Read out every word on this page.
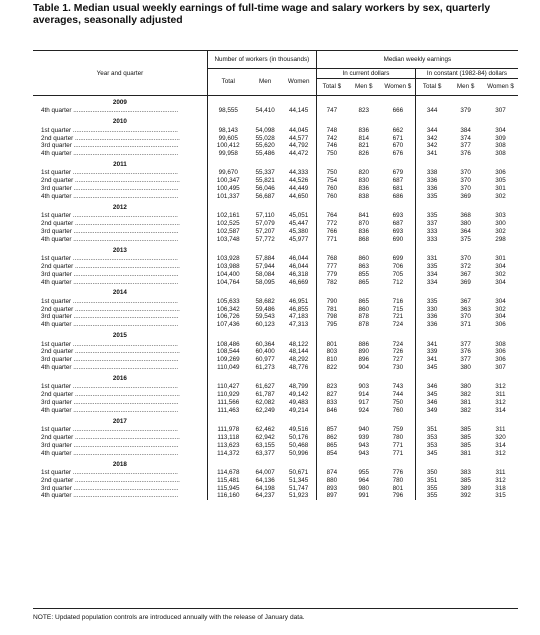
Table 1. Median usual weekly earnings of full-time wage and salary workers by sex, quarterly averages, seasonally adjusted
Year and quarter	Number of workers (in thousands)			Median weekly earnings					
	Total	Men	Women	In current dollars			In constant (1982-84) dollars		
				Total $	Men $	Women $	Total $	Men $	Women $

2009									
4th quarter ............................................................	98,555	54,410	44,145	747	823	666	344	379	307

2010									
1st quarter ............................................................	98,143	54,098	44,045	748	836	662	344	384	304
2nd quarter ............................................................	99,605	55,028	44,577	742	814	671	342	374	309
3rd quarter ............................................................	100,412	55,620	44,792	746	821	670	342	377	308
4th quarter ............................................................	99,958	55,486	44,472	750	826	676	341	376	308

2011									
1st quarter ............................................................	99,670	55,337	44,333	750	820	679	338	370	306
2nd quarter ............................................................	100,347	55,821	44,526	754	830	687	336	370	305
3rd quarter ............................................................	100,495	56,046	44,449	760	836	681	336	370	301
4th quarter ............................................................	101,337	56,687	44,650	760	838	686	335	369	302

2012									
1st quarter ............................................................	102,161	57,110	45,051	764	841	693	335	368	303
2nd quarter ............................................................	102,525	57,079	45,447	772	870	687	337	380	300
3rd quarter ............................................................	102,587	57,207	45,380	766	836	693	333	364	302
4th quarter ............................................................	103,748	57,772	45,977	771	868	690	333	375	298

2013									
1st quarter ............................................................	103,928	57,884	46,044	768	860	699	331	370	301
2nd quarter ............................................................	103,988	57,944	46,044	777	863	706	335	372	304
3rd quarter ............................................................	104,400	58,084	46,318	779	855	705	334	367	302
4th quarter ............................................................	104,764	58,095	46,669	782	865	712	334	369	304

2014									
1st quarter ............................................................	105,633	58,682	46,951	790	865	716	335	367	304
2nd quarter ............................................................	106,342	59,486	46,855	781	860	715	330	363	302
3rd quarter ............................................................	106,726	59,543	47,183	798	878	721	336	370	304
4th quarter ............................................................	107,436	60,123	47,313	795	878	724	336	371	306

2015									
1st quarter ............................................................	108,486	60,364	48,122	801	886	724	341	377	308
2nd quarter ............................................................	108,544	60,400	48,144	803	890	726	339	376	306
3rd quarter ............................................................	109,269	60,977	48,292	810	896	727	341	377	306
4th quarter ............................................................	110,049	61,273	48,776	822	904	730	345	380	307

2016									
1st quarter ............................................................	110,427	61,627	48,799	823	903	743	346	380	312
2nd quarter ............................................................	110,929	61,787	49,142	827	914	744	345	382	311
3rd quarter ............................................................	111,566	62,082	49,483	833	917	750	346	381	312
4th quarter ............................................................	111,463	62,249	49,214	846	924	760	349	382	314

2017									
1st quarter ............................................................	111,978	62,462	49,516	857	940	759	351	385	311
2nd quarter ............................................................	113,118	62,942	50,176	862	939	780	353	385	320
3rd quarter ............................................................	113,623	63,155	50,468	865	943	771	353	385	314
4th quarter ............................................................	114,372	63,377	50,996	854	943	771	345	381	312

2018									
1st quarter ............................................................	114,678	64,007	50,671	874	955	776	350	383	311
2nd quarter ............................................................	115,481	64,136	51,345	880	964	780	351	385	312
3rd quarter ............................................................	115,945	64,198	51,747	893	980	801	355	389	318
4th quarter ............................................................	116,160	64,237	51,923	897	991	796	355	392	315
NOTE: Updated population controls are introduced annually with the release of January data.
